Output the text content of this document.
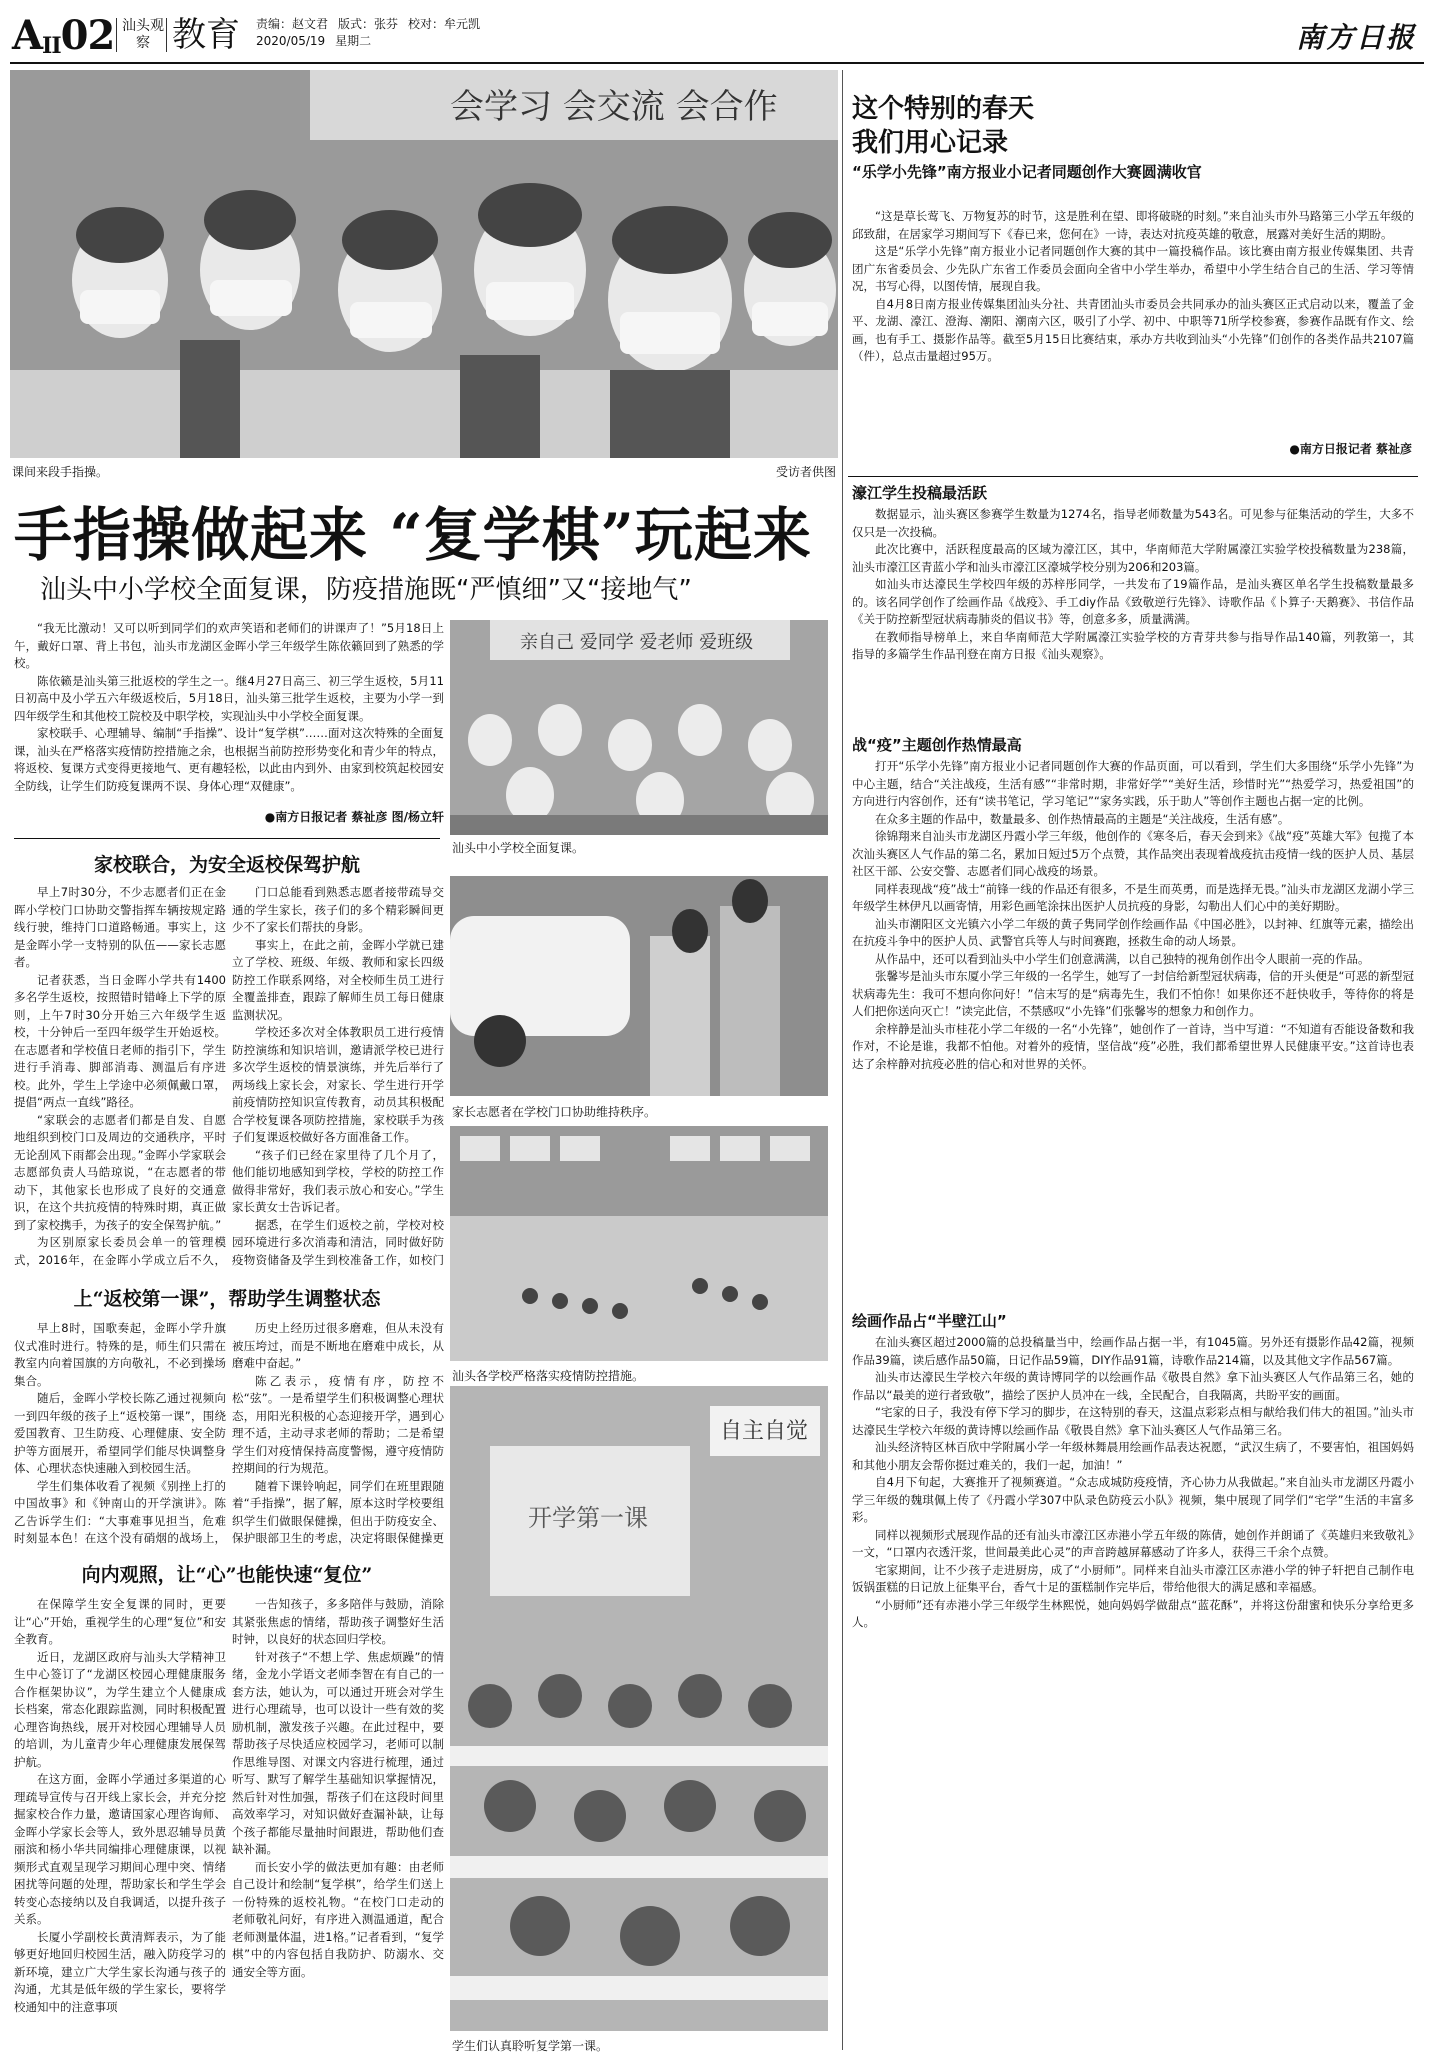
AII02 汕头观察 教育 责编：赵文君 版式：张芬 校对：牟元凯
2020/05/19 星期二	南方日报
会学习 会交流 会合作
课间来段手指操。	受访者供图
手指操做起来 “复学棋”玩起来
汕头中小学校全面复课，防疫措施既“严慎细”又“接地气”

“我无比激动！又可以听到同学们的欢声笑语和老师们的讲课声了！”5月18日上午，戴好口罩、背上书包，汕头市龙湖区金晖小学三年级学生陈依籁回到了熟悉的学校。

陈依籁是汕头第三批返校的学生之一。继4月27日高三、初三学生返校，5月11日初高中及小学五六年级返校后，5月18日，汕头第三批学生返校，主要为小学一到四年级学生和其他校工院校及中职学校，实现汕头中小学校全面复课。

家校联手、心理辅导、编制“手指操”、设计“复学棋”……面对这次特殊的全面复课，汕头在严格落实疫情防控措施之余，也根据当前防控形势变化和青少年的特点，将返校、复课方式变得更接地气、更有趣轻松，以此由内到外、由家到校筑起校园安全防线，让学生们防疫复课两不误、身体心理“双健康”。

●南方日报记者 蔡祉彦 图/杨立轩
家校联合，为安全返校保驾护航

早上7时30分，不少志愿者们正在金晖小学校门口协助交警指挥车辆按规定路线行驶，维持门口道路畅通。事实上，这是金晖小学一支特别的队伍——家长志愿者。

记者获悉，当日金晖小学共有1400多名学生返校，按照错时错峰上下学的原则，上午7时30分开始三六年级学生返校，十分钟后一至四年级学生开始返校。在志愿者和学校值日老师的指引下，学生进行手消毒、脚部消毒、测温后有序进校。此外，学生上学途中必须佩戴口罩，提倡“两点一直线”路径。

“家联会的志愿者们都是自发、自愿地组织到校门口及周边的交通秩序，平时无论刮风下雨都会出现。”金晖小学家联会志愿部负责人马皓琼说，“在志愿者的带动下，其他家长也形成了良好的交通意识，在这个共抗疫情的特殊时期，真正做到了家校携手，为孩子的安全保驾护航。”

为区别原家长委员会单一的管理模式，2016年，在金晖小学成立后不久，

门口总能看到熟悉志愿者接带疏导交通的学生家长，孩子们的多个精彩瞬间更少不了家长们帮扶的身影。

事实上，在此之前，金晖小学就已建立了学校、班级、年级、教师和家长四级防控工作联系网络，对全校师生员工进行全覆盖排查，跟踪了解师生员工每日健康监测状况。

学校还多次对全体教职员工进行疫情防控演练和知识培训，邀请派学校已进行多次学生返校的情景演练，并先后举行了两场线上家长会，对家长、学生进行开学前疫情防控知识宣传教育，动员其积极配合学校复课各项防控措施，家校联手为孩子们复课返校做好各方面准备工作。

“孩子们已经在家里待了几个月了，他们能切地感知到学校，学校的防控工作做得非常好，我们表示放心和安心。”学生家长黄女士告诉记者。

据悉，在学生们返校之前，学校对校园环境进行多次消毒和清洁，同时做好防疫物资储备及学生到校准备工作，如校门

上“返校第一课”，帮助学生调整状态

早上8时，国歌奏起，金晖小学升旗仪式准时进行。特殊的是，师生们只需在教室内向着国旗的方向敬礼，不必到操场集合。

随后，金晖小学校长陈乙通过视频向一到四年级的孩子上“返校第一课”，围绕爱国教育、卫生防疫、心理健康、安全防护等方面展开，希望同学们能尽快调整身体、心理状态快速融入到校园生活。

学生们集体收看了视频《别挫上打的中国故事》和《钟南山的开学演讲》。陈乙告诉学生们：“大事难事见担当，危难时刻显本色！在这个没有硝烟的战场上，

历史上经历过很多磨难，但从未没有被压垮过，而是不断地在磨难中成长，从磨难中奋起。”

陈乙表示，疫情有序，防控不松“弦”。一是希望学生们积极调整心理状态，用阳光积极的心态迎接开学，遇到心理不适，主动寻求老师的帮助；二是希望学生们对疫情保持高度警惕，遵守疫情防控期间的行为规范。

随着下课铃响起，同学们在班里跟随着“手指操”，据了解，原本这时学校要组织学生们做眼保健操，但出于防疫安全、保护眼部卫生的考虑，决定将眼保健操更

向内观照，让“心”也能快速“复位”

在保障学生安全复课的同时，更要让“心”开始，重视学生的心理“复位”和安全教育。

近日，龙湖区政府与汕头大学精神卫生中心签订了“龙湖区校园心理健康服务合作框架协议”，为学生建立个人健康成长档案，常态化跟踪监测，同时积极配置心理咨询热线，展开对校园心理辅导人员的培训，为儿童青少年心理健康发展保驾护航。

在这方面，金晖小学通过多渠道的心理疏导宣传与召开线上家长会，并充分挖掘家校合作力量，邀请国家心理咨询师、金晖小学家长会等人，致外思忍辅导员黄丽滨和杨小华共同编排心理健康课，以视频形式直观呈现学习期间心理中突、情绪困扰等问题的处理，帮助家长和学生学会转变心态接纳以及自我调适，以提升孩子关系。

长厦小学副校长黄清辉表示，为了能够更好地回归校园生活，融入防疫学习的新环境，建立广大学生家长沟通与孩子的沟通，尤其是低年级的学生家长，要将学校通知中的注意事项

一告知孩子，多多陪伴与鼓励，消除其紧张焦虑的情绪，帮助孩子调整好生活时钟，以良好的状态回归学校。

针对孩子“不想上学、焦虑烦躁”的情绪，金龙小学语文老师李智在有自己的一套方法，她认为，可以通过开班会对学生进行心理疏导，也可以设计一些有效的奖励机制，激发孩子兴趣。在此过程中，要帮助孩子尽快适应校园学习，老师可以制作思维导图、对课文内容进行梳理，通过听写、默写了解学生基础知识掌握情况，然后针对性加强，帮孩子们在这段时间里高效率学习，对知识做好查漏补缺，让每个孩子都能尽量抽时间跟进，帮助他们查缺补漏。

而长安小学的做法更加有趣：由老师自己设计和绘制“复学棋”，给学生们送上一份特殊的返校礼物。“在校门口走动的老师敬礼问好，有序进入测温通道，配合老师测量体温，进1格。”记者看到，“复学棋”中的内容包括自我防护、防溺水、交通安全等方面。

亲自己 爱同学 爱老师 爱班级
汕头中小学校全面复课。
家长志愿者在学校门口协助维持秩序。
汕头各学校严格落实疫情防控措施。
开学第一课
自主自觉
学生们认真聆听复学第一课。
这个特别的春天
我们用心记录
“乐学小先锋”南方报业小记者同题创作大赛圆满收官

“这是草长莺飞、万物复苏的时节，这是胜利在望、即将破晓的时刻。”来自汕头市外马路第三小学五年级的邱致甜，在居家学习期间写下《春已来，您何在》一诗，表达对抗疫英雄的敬意，展露对美好生活的期盼。

这是“乐学小先锋”南方报业小记者同题创作大赛的其中一篇投稿作品。该比赛由南方报业传媒集团、共青团广东省委员会、少先队广东省工作委员会面向全省中小学生举办，希望中小学生结合自己的生活、学习等情况，书写心得，以图传情，展现自我。

自4月8日南方报业传媒集团汕头分社、共青团汕头市委员会共同承办的汕头赛区正式启动以来，覆盖了金平、龙湖、濠江、澄海、潮阳、潮南六区，吸引了小学、初中、中职等71所学校参赛，参赛作品既有作文、绘画，也有手工、摄影作品等。截至5月15日比赛结束，承办方共收到汕头“小先锋”们创作的各类作品共2107篇（件），总点击量超过95万。

●南方日报记者 蔡祉彦
濠江学生投稿最活跃

数据显示，汕头赛区参赛学生数量为1274名，指导老师数量为543名。可见参与征集活动的学生，大多不仅只是一次投稿。

此次比赛中，活跃程度最高的区域为濠江区，其中，华南师范大学附属濠江实验学校投稿数量为238篇，汕头市濠江区青蓝小学和汕头市濠江区濠城学校分别为206和203篇。

如汕头市达濠民生学校四年级的苏梓彤同学，一共发布了19篇作品，是汕头赛区单名学生投稿数量最多的。该名同学创作了绘画作品《战疫》、手工diy作品《致敬逆行先锋》、诗歌作品《卜算子·天鹅赛》、书信作品《关于防控新型冠状病毒肺炎的倡议书》等，创意多多，质量满满。

在教师指导榜单上，来自华南师范大学附属濠江实验学校的方青芽共参与指导作品140篇，列教第一，其指导的多篇学生作品刊登在南方日报《汕头观察》。

战“疫”主题创作热情最高

打开“乐学小先锋”南方报业小记者同题创作大赛的作品页面，可以看到，学生们大多围绕“乐学小先锋”为中心主题，结合“关注战疫，生活有感”“非常时期，非常好学”“美好生活，珍惜时光”“热爱学习，热爱祖国”的方向进行内容创作，还有“读书笔记，学习笔记”“家务实践，乐于助人”等创作主题也占据一定的比例。

在众多主题的作品中，数量最多、创作热情最高的主题是“关注战疫，生活有感”。

徐锦翔来自汕头市龙湖区丹霞小学三年级，他创作的《寒冬后，春天会到来》《战“疫”英雄大军》包揽了本次汕头赛区人气作品的第二名，累加日短过5万个点赞，其作品突出表现着战疫抗击疫情一线的医护人员、基层社区干部、公安交警、志愿者们同心战疫的场景。

同样表现战“疫”战士“前锋一线的作品还有很多，不是生而英勇，而是选择无畏。”汕头市龙湖区龙湖小学三年级学生林伊凡以画寄情，用彩色画笔涂抹出医护人员抗疫的身影，勾勒出人们心中的美好期盼。

汕头市潮阳区文光镇六小学二年级的黄子隽同学创作绘画作品《中国必胜》，以封神、红旗等元素，描绘出在抗疫斗争中的医护人员、武警官兵等人与时间赛跑，拯救生命的动人场景。

从作品中，还可以看到汕头中小学生们创意满满，以自己独特的视角创作出令人眼前一亮的作品。

张馨岑是汕头市东厦小学三年级的一名学生，她写了一封信给新型冠状病毒，信的开头便是“可恶的新型冠状病毒先生：我可不想向你问好！”信末写的是“病毒先生，我们不怕你！如果你还不赶快收手，等待你的将是人们把你送向灭亡！”读完此信，不禁感叹“小先锋”们张馨岑的想象力和创作力。

余梓静是汕头市桂花小学二年级的一名“小先锋”，她创作了一首诗，当中写道：“不知道有否能设备数和我作对，不论是谁，我都不怕他。对着外的疫情，坚信战“疫”必胜，我们都希望世界人民健康平安。”这首诗也表达了余梓静对抗疫必胜的信心和对世界的关怀。

绘画作品占“半壁江山”

在汕头赛区超过2000篇的总投稿量当中，绘画作品占据一半，有1045篇。另外还有摄影作品42篇，视频作品39篇，读后感作品50篇，日记作品59篇，DIY作品91篇，诗歌作品214篇，以及其他文字作品567篇。

汕头市达濠民生学校六年级的黄诗博同学的以绘画作品《敬畏自然》拿下汕头赛区人气作品第三名，她的作品以“最美的逆行者致敬”，描绘了医护人员冲在一线，全民配合，自我隔离，共盼平安的画面。

“宅家的日子，我没有停下学习的脚步，在这特别的春天，这温点彩彩点相与献给我们伟大的祖国。”汕头市达濠民生学校六年级的黄诗博以绘画作品《敬畏自然》拿下汕头赛区人气作品第三名。

汕头经济特区林百欣中学附属小学一年级林舞晨用绘画作品表达祝愿，“武汉生病了，不要害怕，祖国妈妈和其他小朋友会帮你挺过难关的，我们一起，加油！”

自4月下旬起，大赛推开了视频赛道。“众志成城防疫疫情，齐心协力从我做起。”来自汕头市龙湖区丹霞小学三年级的魏琪佩上传了《丹霞小学307中队录色防疫云小队》视频，集中展现了同学们“宅学”生活的丰富多彩。

同样以视频形式展现作品的还有汕头市濠江区赤港小学五年级的陈倩，她创作并朗诵了《英雄归来致敬礼》一文，“口罩内衣透汗浆，世间最美此心灵”的声音跨越屏幕感动了许多人，获得三千余个点赞。

宅家期间，让不少孩子走进厨房，成了“小厨师”。同样来自汕头市濠江区赤港小学的钟子轩把自己制作电饭锅蛋糕的日记放上征集平台，香气十足的蛋糕制作完毕后，带给他很大的满足感和幸福感。

“小厨师”还有赤港小学三年级学生林熙悦，她向妈妈学做甜点“蓝花酥”，并将这份甜蜜和快乐分享给更多人。
